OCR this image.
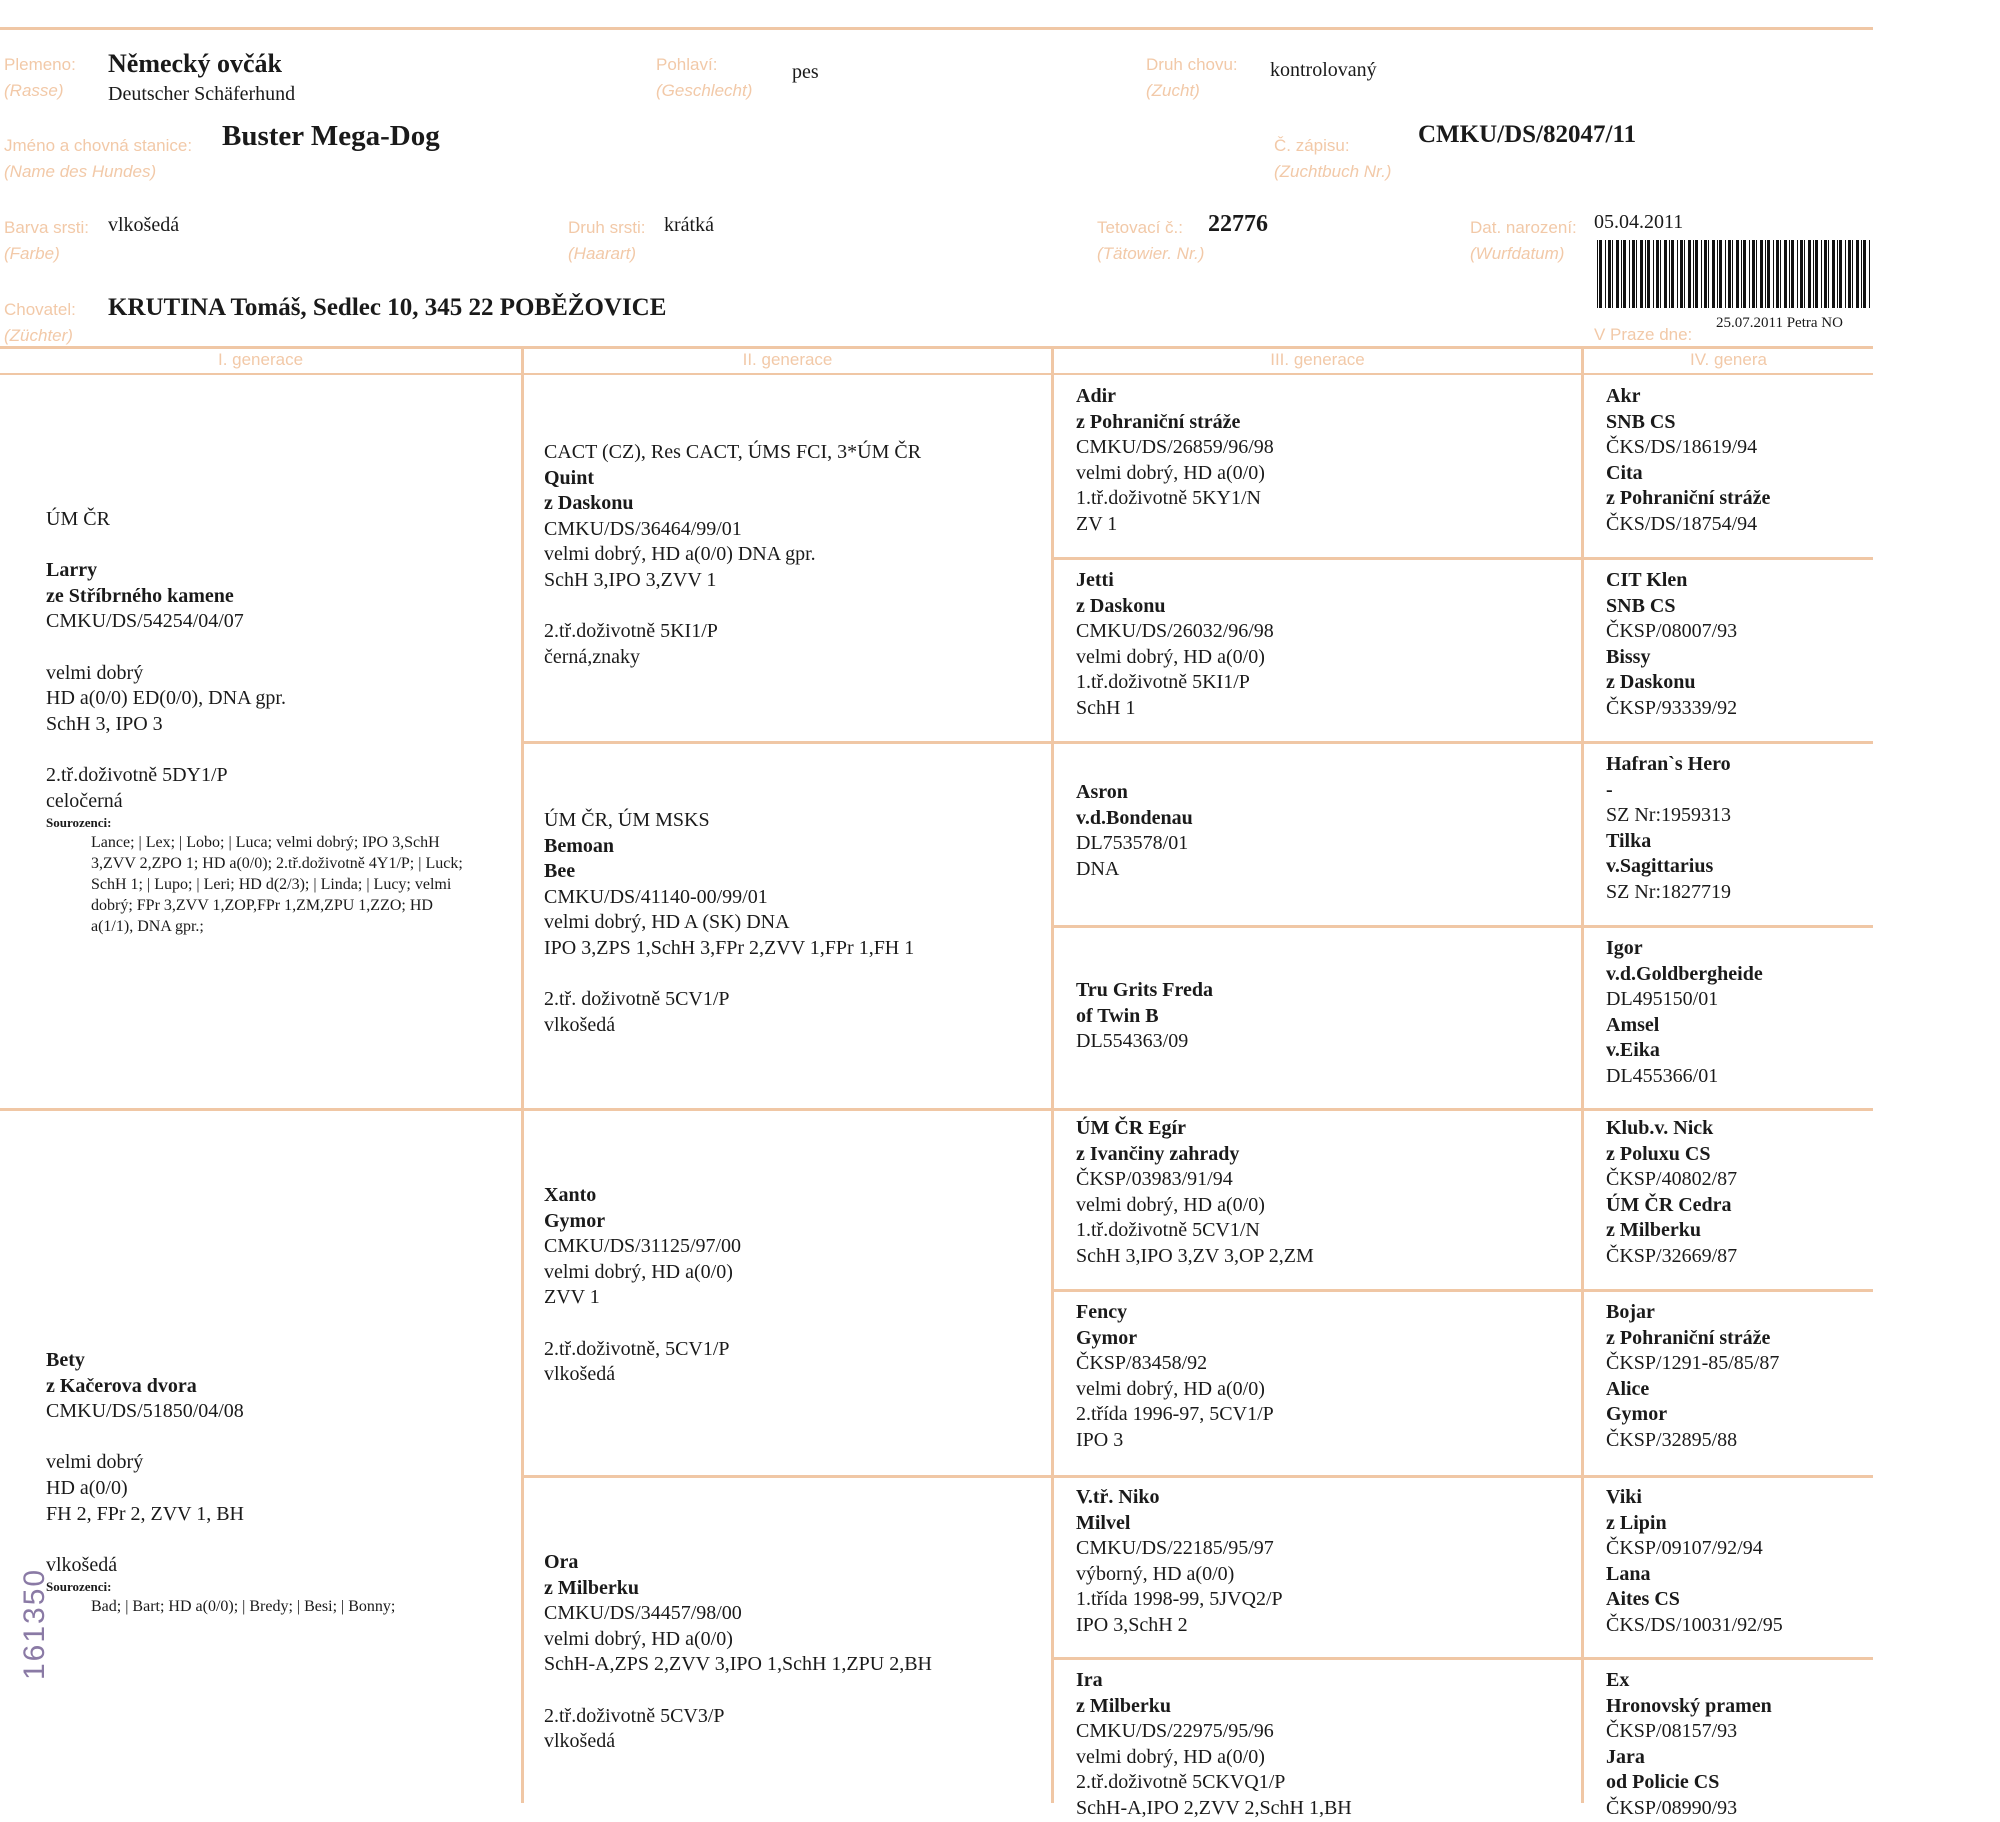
Plemeno:
(Rasse)
Německý ovčák
Deutscher Schäferhund
Pohlaví:
(Geschlecht)
pes	Druh chovu:
(Zucht)
kontrolovaný
Jméno a chovná stanice:
(Name des Hundes)
Buster Mega-Dog	Č. zápisu:
(Zuchtbuch Nr.)
CMKU/DS/82047/11
Barva srsti:
(Farbe)
vlkošedá	Druh srsti:
(Haarart)
krátká	Tetovací č.:
(Tätowier. Nr.)
22776	Dat. narození:
(Wurfdatum)
05.04.2011
Chovatel:
(Züchter)
KRUTINA Tomáš, Sedlec 10, 345 22 POBĚŽOVICE
25.07.2011 Petra NO
V Praze dne:
I. generace	II. generace	III. generace	IV. genera
ÚM ČR
Larry
ze Stříbrného kamene
CMKU/DS/54254/04/07
velmi dobrý
HD a(0/0) ED(0/0), DNA gpr.
SchH 3, IPO 3
2.tř.doživotně 5DY1/P
celočerná
Sourozenci:
Lance; | Lex; | Lobo; | Luca; velmi dobrý; IPO 3,SchH 3,ZVV 2,ZPO 1; HD a(0/0); 2.tř.doživotně 4Y1/P; | Luck; SchH 1; | Lupo; | Leri; HD d(2/3); | Linda; | Lucy; velmi dobrý; FPr 3,ZVV 1,ZOP,FPr 1,ZM,ZPU 1,ZZO; HD a(1/1), DNA gpr.;
Bety
z Kačerova dvora
CMKU/DS/51850/04/08
velmi dobrý
HD a(0/0)
FH 2, FPr 2, ZVV 1, BH
vlkošedá
Sourozenci:
Bad; | Bart; HD a(0/0); | Bredy; | Besi; | Bonny;
CACT (CZ), Res CACT, ÚMS FCI, 3*ÚM ČR
Quint
z Daskonu
CMKU/DS/36464/99/01
velmi dobrý, HD a(0/0) DNA gpr.
SchH 3,IPO 3,ZVV 1
2.tř.doživotně 5KI1/P
černá,znaky
ÚM ČR, ÚM MSKS
Bemoan
Bee
CMKU/DS/41140-00/99/01
velmi dobrý, HD A (SK) DNA
IPO 3,ZPS 1,SchH 3,FPr 2,ZVV 1,FPr 1,FH 1
2.tř. doživotně 5CV1/P
vlkošedá
Xanto
Gymor
CMKU/DS/31125/97/00
velmi dobrý, HD a(0/0)
ZVV 1
2.tř.doživotně, 5CV1/P
vlkošedá
Ora
z Milberku
CMKU/DS/34457/98/00
velmi dobrý, HD a(0/0)
SchH-A,ZPS 2,ZVV 3,IPO 1,SchH 1,ZPU 2,BH
2.tř.doživotně 5CV3/P
vlkošedá
Adir
z Pohraniční stráže
CMKU/DS/26859/96/98
velmi dobrý, HD a(0/0)
1.tř.doživotně 5KY1/N
ZV 1
Jetti
z Daskonu
CMKU/DS/26032/96/98
velmi dobrý, HD a(0/0)
1.tř.doživotně 5KI1/P
SchH 1
Asron
v.d.Bondenau
DL753578/01
DNA
Tru Grits Freda
of Twin B
DL554363/09
ÚM ČR Egír
z Ivančiny zahrady
ČKSP/03983/91/94
velmi dobrý, HD a(0/0)
1.tř.doživotně 5CV1/N
SchH 3,IPO 3,ZV 3,OP 2,ZM
Fency
Gymor
ČKSP/83458/92
velmi dobrý, HD a(0/0)
2.třída 1996-97, 5CV1/P
IPO 3
V.tř. Niko
Milvel
CMKU/DS/22185/95/97
výborný, HD a(0/0)
1.třída 1998-99, 5JVQ2/P
IPO 3,SchH 2
Ira
z Milberku
CMKU/DS/22975/95/96
velmi dobrý, HD a(0/0)
2.tř.doživotně 5CKVQ1/P
SchH-A,IPO 2,ZVV 2,SchH 1,BH
Akr
SNB CS
ČKS/DS/18619/94
Cita
z Pohraniční stráže
ČKS/DS/18754/94
CIT Klen
SNB CS
ČKSP/08007/93
Bissy
z Daskonu
ČKSP/93339/92
Hafran`s Hero
-
SZ Nr:1959313
Tilka
v.Sagittarius
SZ Nr:1827719
Igor
v.d.Goldbergheide
DL495150/01
Amsel
v.Eika
DL455366/01
Klub.v. Nick
z Poluxu CS
ČKSP/40802/87
ÚM ČR Cedra
z Milberku
ČKSP/32669/87
Bojar
z Pohraniční stráže
ČKSP/1291-85/85/87
Alice
Gymor
ČKSP/32895/88
Viki
z Lipin
ČKSP/09107/92/94
Lana
Aites CS
ČKS/DS/10031/92/95
Ex
Hronovský pramen
ČKSP/08157/93
Jara
od Policie CS
ČKSP/08990/93
161350
